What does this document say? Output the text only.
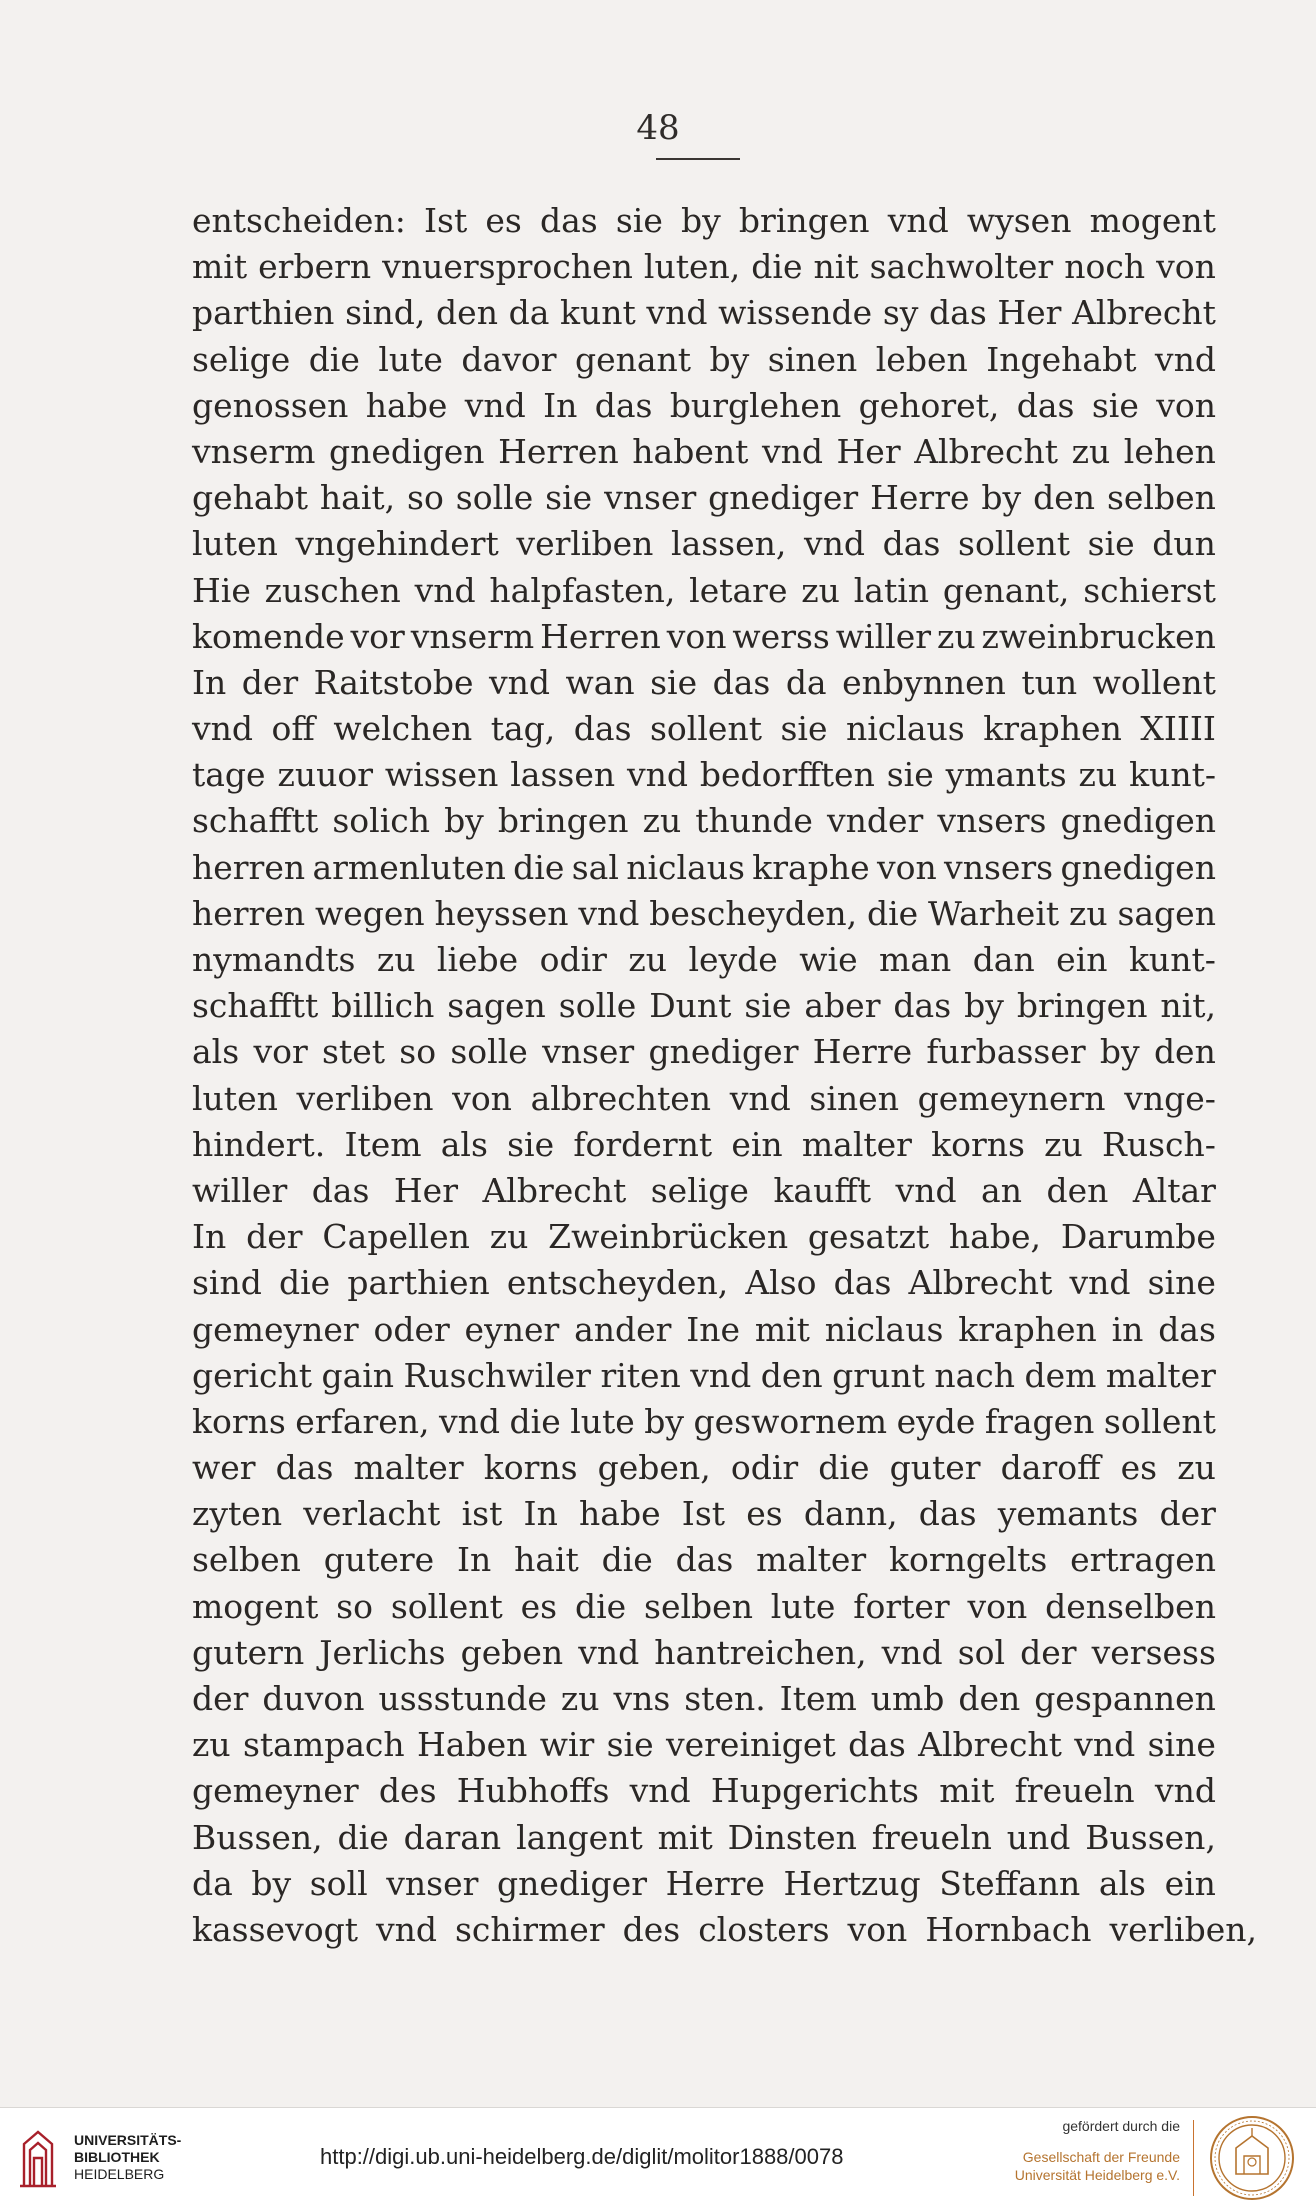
48
entscheiden: Ist es das sie by bringen vnd wysen mogent
mit erbern vnuersprochen luten, die nit sachwolter noch von
parthien sind, den da kunt vnd wissende sy das Her Albrecht
selige die lute davor genant by sinen leben Ingehabt vnd
genossen habe vnd In das burglehen gehoret, das sie von
vnserm gnedigen Herren habent vnd Her Albrecht zu lehen
gehabt hait, so solle sie vnser gnediger Herre by den selben
luten vngehindert verliben lassen, vnd das sollent sie dun
Hie zuschen vnd halpfasten, letare zu latin genant, schierst
komende vor vnserm Herren von werss willer zu zweinbrucken
In der Raitstobe vnd wan sie das da enbynnen tun wollent
vnd off welchen tag, das sollent sie niclaus kraphen XIIII
tage zuuor wissen lassen vnd bedorfften sie ymants zu kunt-
schafftt solich by bringen zu thunde vnder vnsers gnedigen
herren armenluten die sal niclaus kraphe von vnsers gnedigen
herren wegen heyssen vnd bescheyden, die Warheit zu sagen
nymandts zu liebe odir zu leyde wie man dan ein kunt-
schafftt billich sagen solle Dunt sie aber das by bringen nit,
als vor stet so solle vnser gnediger Herre furbasser by den
luten verliben von albrechten vnd sinen gemeynern vnge-
hindert. Item als sie fordernt ein malter korns zu Rusch-
willer das Her Albrecht selige kaufft vnd an den Altar
In der Capellen zu Zweinbrücken gesatzt habe, Darumbe
sind die parthien entscheyden, Also das Albrecht vnd sine
gemeyner oder eyner ander Ine mit niclaus kraphen in das
gericht gain Ruschwiler riten vnd den grunt nach dem malter
korns erfaren, vnd die lute by geswornem eyde fragen sollent
wer das malter korns geben, odir die guter daroff es zu
zyten verlacht ist In habe Ist es dann, das yemants der
selben gutere In hait die das malter korngelts ertragen
mogent so sollent es die selben lute forter von denselben
gutern Jerlichs geben vnd hantreichen, vnd sol der versess
der duvon ussstunde zu vns sten. Item umb den gespannen
zu stampach Haben wir sie vereiniget das Albrecht vnd sine
gemeyner des Hubhoffs vnd Hupgerichts mit freueln vnd
Bussen, die daran langent mit Dinsten freueln und Bussen,
da by soll vnser gnediger Herre Hertzug Steffann als ein
kassevogt vnd schirmer des closters von Hornbach verliben,
UNIVERSITÄTS-
BIBLIOTHEK
HEIDELBERG
http://digi.ub.uni-heidelberg.de/diglit/molitor1888/0078
gefördert durch die
Gesellschaft der Freunde
Universität Heidelberg e.V.
